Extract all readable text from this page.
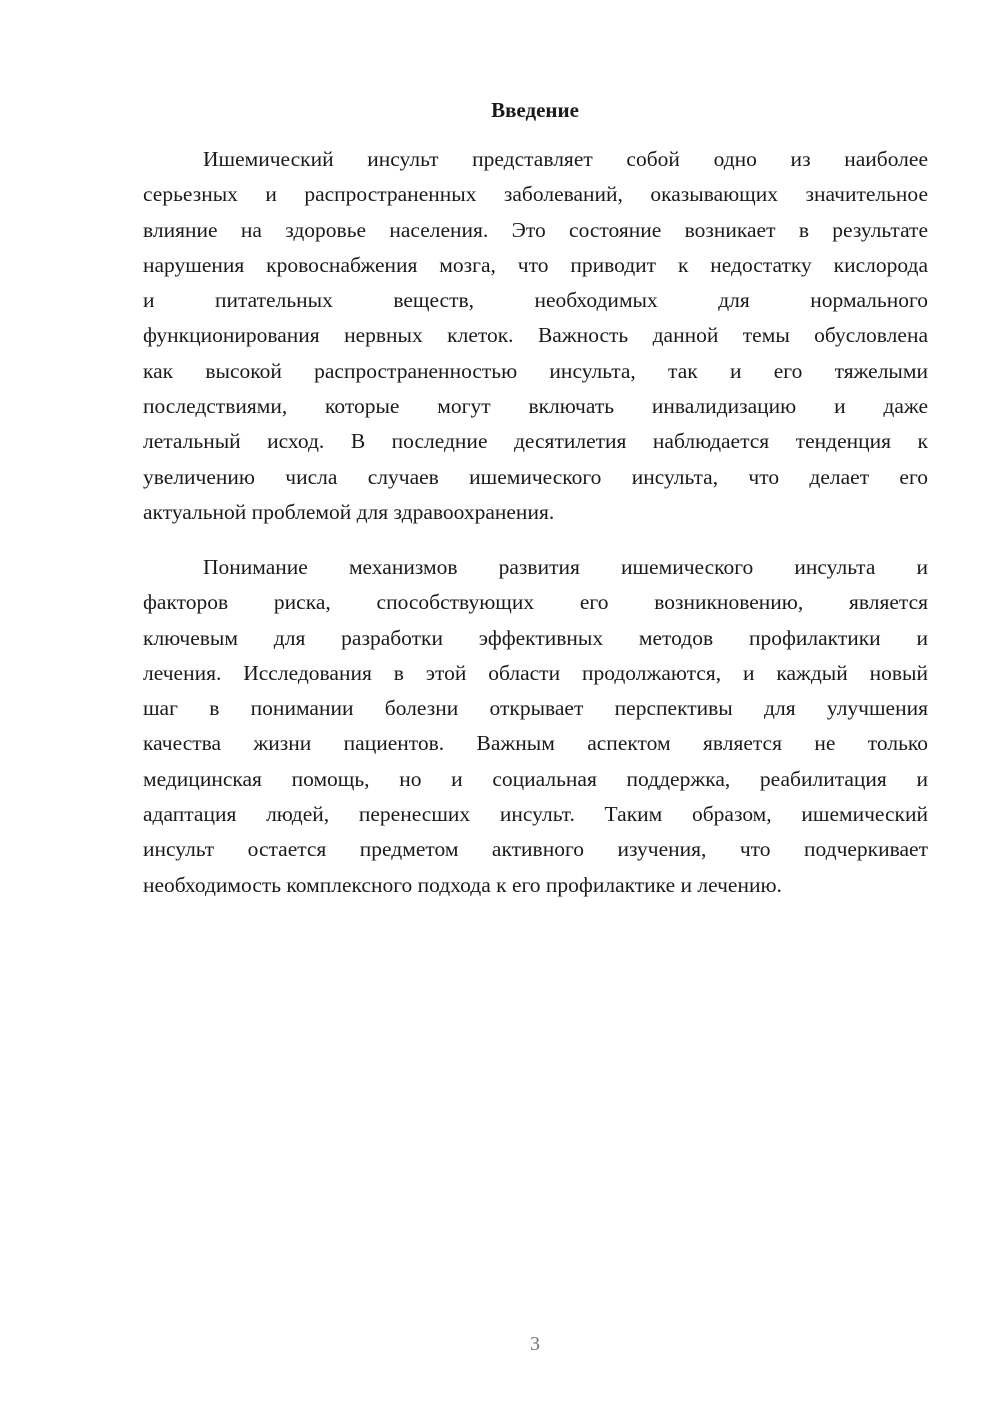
Введение
Ишемический инсульт представляет собой одно из наиболее
серьезных и распространенных заболеваний, оказывающих значительное
влияние на здоровье населения. Это состояние возникает в результате
нарушения кровоснабжения мозга, что приводит к недостатку кислорода
и питательных веществ, необходимых для нормального
функционирования нервных клеток. Важность данной темы обусловлена
как высокой распространенностью инсульта, так и его тяжелыми
последствиями, которые могут включать инвалидизацию и даже
летальный исход. В последние десятилетия наблюдается тенденция к
увеличению числа случаев ишемического инсульта, что делает его
актуальной проблемой для здравоохранения.
Понимание механизмов развития ишемического инсульта и
факторов риска, способствующих его возникновению, является
ключевым для разработки эффективных методов профилактики и
лечения. Исследования в этой области продолжаются, и каждый новый
шаг в понимании болезни открывает перспективы для улучшения
качества жизни пациентов. Важным аспектом является не только
медицинская помощь, но и социальная поддержка, реабилитация и
адаптация людей, перенесших инсульт. Таким образом, ишемический
инсульт остается предметом активного изучения, что подчеркивает
необходимость комплексного подхода к его профилактике и лечению.
3
